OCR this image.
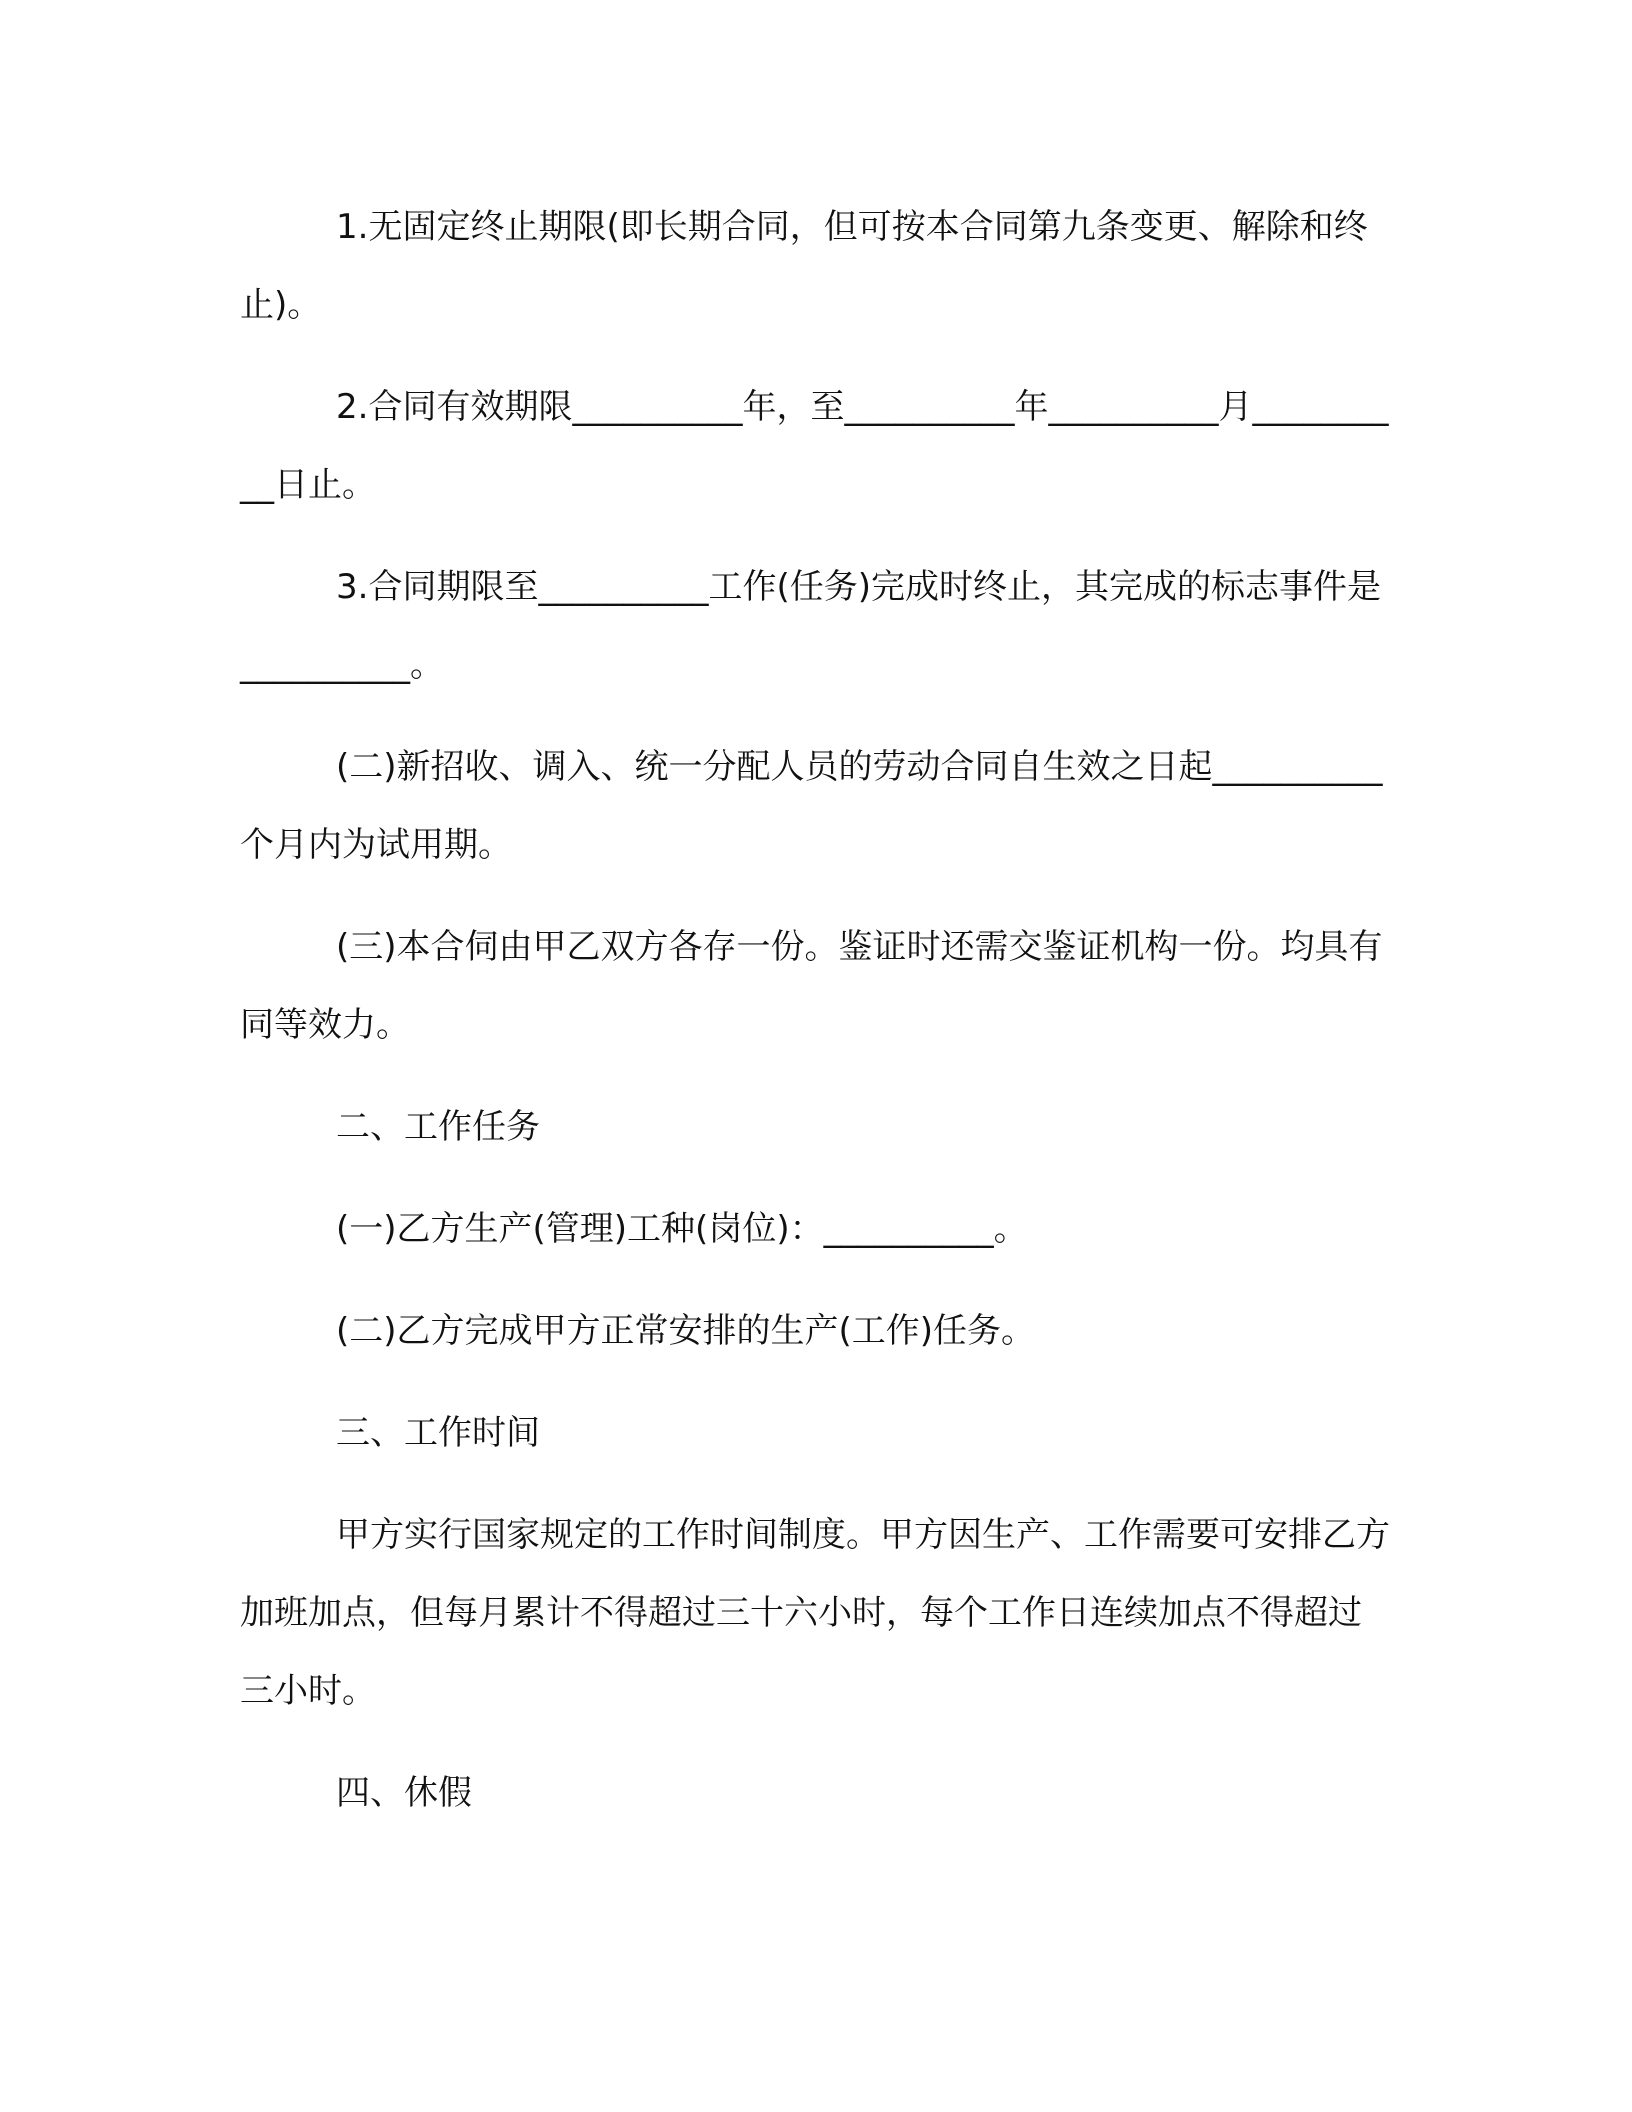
1.无固定终止期限(即长期合同，但可按本合同第九条变更、解除和终止)。

2.合同有效期限__________年，至__________年__________月__________日止。

3.合同期限至__________工作(任务)完成时终止，其完成的标志事件是__________。

(二)新招收、调入、统一分配人员的劳动合同自生效之日起__________个月内为试用期。

(三)本合伺由甲乙双方各存一份。鉴证时还需交鉴证机构一份。均具有同等效力。

二、工作任务

(一)乙方生产(管理)工种(岗位)：__________。

(二)乙方完成甲方正常安排的生产(工作)任务。

三、工作时间

甲方实行国家规定的工作时间制度。甲方因生产、工作需要可安排乙方加班加点，但每月累计不得超过三十六小时，每个工作日连续加点不得超过三小时。

四、休假
